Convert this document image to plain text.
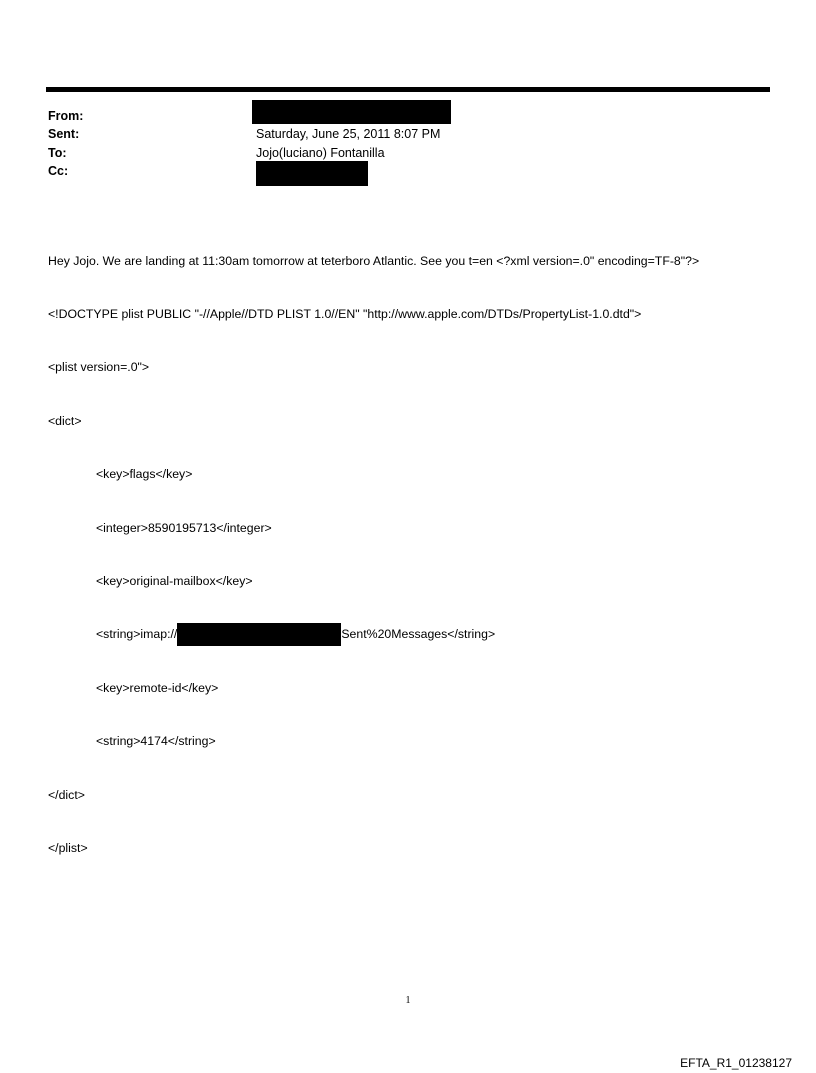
From:
Sent:	Saturday, June 25, 2011 8:07 PM
To:	Jojo(luciano) Fontanilla
Cc:

Hey Jojo. We are landing at 11:30am tomorrow at teterboro Atlantic. See you t=en <?xml version=.0" encoding=TF-8"?>

<!DOCTYPE plist PUBLIC "-//Apple//DTD PLIST 1.0//EN" "http://www.apple.com/DTDs/PropertyList-1.0.dtd">

<plist version=.0">

<dict>

<key>flags</key>

<integer>8590195713</integer>

<key>original-mailbox</key>

<string>imap://	Sent%20Messages</string>

<key>remote-id</key>

<string>4174</string>

</dict>

</plist>

1
EFTA_R1_01238127
